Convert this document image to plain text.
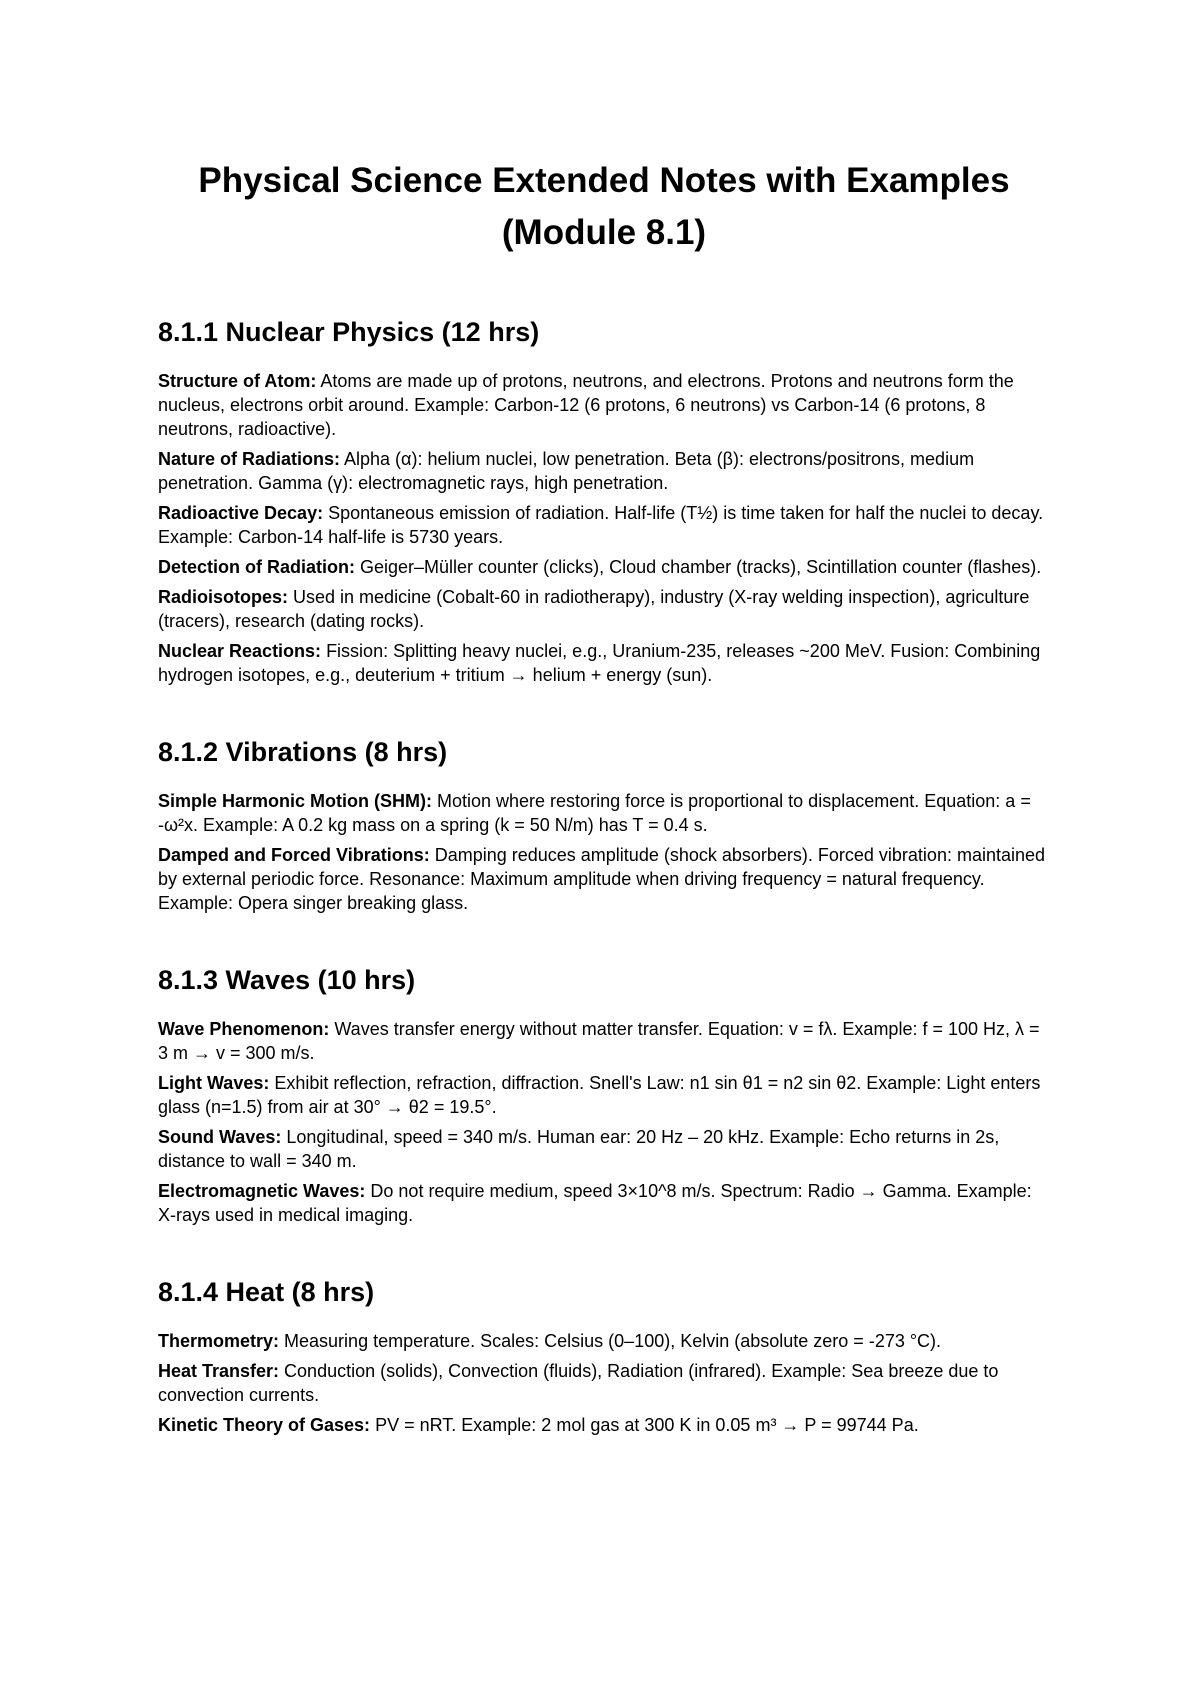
Physical Science Extended Notes with Examples
(Module 8.1)
8.1.1 Nuclear Physics (12 hrs)

Structure of Atom: Atoms are made up of protons, neutrons, and electrons. Protons and neutrons form the nucleus, electrons orbit around. Example: Carbon-12 (6 protons, 6 neutrons) vs Carbon-14 (6 protons, 8 neutrons, radioactive).

Nature of Radiations: Alpha (α): helium nuclei, low penetration. Beta (β): electrons/positrons, medium penetration. Gamma (γ): electromagnetic rays, high penetration.

Radioactive Decay: Spontaneous emission of radiation. Half-life (T½) is time taken for half the nuclei to decay. Example: Carbon-14 half-life is 5730 years.

Detection of Radiation: Geiger–Müller counter (clicks), Cloud chamber (tracks), Scintillation counter (flashes).

Radioisotopes: Used in medicine (Cobalt-60 in radiotherapy), industry (X-ray welding inspection), agriculture (tracers), research (dating rocks).

Nuclear Reactions: Fission: Splitting heavy nuclei, e.g., Uranium-235, releases ~200 MeV. Fusion: Combining hydrogen isotopes, e.g., deuterium + tritium → helium + energy (sun).

8.1.2 Vibrations (8 hrs)

Simple Harmonic Motion (SHM): Motion where restoring force is proportional to displacement. Equation: a = -ω²x. Example: A 0.2 kg mass on a spring (k = 50 N/m) has T = 0.4 s.

Damped and Forced Vibrations: Damping reduces amplitude (shock absorbers). Forced vibration: maintained by external periodic force. Resonance: Maximum amplitude when driving frequency = natural frequency. Example: Opera singer breaking glass.

8.1.3 Waves (10 hrs)

Wave Phenomenon: Waves transfer energy without matter transfer. Equation: v = fλ. Example: f = 100 Hz, λ = 3 m → v = 300 m/s.

Light Waves: Exhibit reflection, refraction, diffraction. Snell's Law: n1 sin θ1 = n2 sin θ2. Example: Light enters glass (n=1.5) from air at 30° → θ2 = 19.5°.

Sound Waves: Longitudinal, speed = 340 m/s. Human ear: 20 Hz – 20 kHz. Example: Echo returns in 2s, distance to wall = 340 m.

Electromagnetic Waves: Do not require medium, speed 3×10^8 m/s. Spectrum: Radio → Gamma. Example: X-rays used in medical imaging.

8.1.4 Heat (8 hrs)

Thermometry: Measuring temperature. Scales: Celsius (0–100), Kelvin (absolute zero = -273 °C).

Heat Transfer: Conduction (solids), Convection (fluids), Radiation (infrared). Example: Sea breeze due to convection currents.

Kinetic Theory of Gases: PV = nRT. Example: 2 mol gas at 300 K in 0.05 m³ → P = 99744 Pa.
